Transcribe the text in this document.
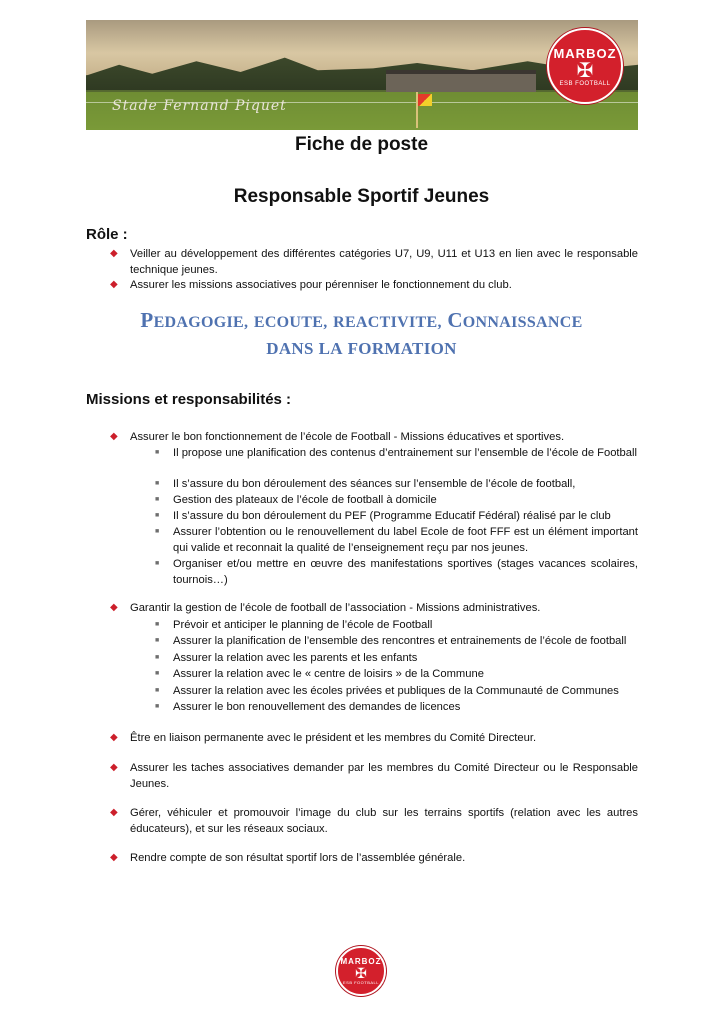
Stade Fernand Piquet
MARBOZ
✠
ESB FOOTBALL
Fiche de poste
Responsable Sportif Jeunes
Rôle :
◆ Veiller au développement des différentes catégories U7, U9, U11 et U13 en lien avec le responsable technique jeunes.
◆ Assurer les missions associatives pour pérenniser le fonctionnement du club.
PEDAGOGIE, ECOUTE, REACTIVITE, CONNAISSANCE
DANS LA FORMATION
Missions et responsabilités :
◆ Assurer le bon fonctionnement de l’école de Football - Missions éducatives et sportives.
■ Il propose une planification des contenus d’entrainement sur l’ensemble de l’école de Football
■ Il s’assure du bon déroulement des séances sur l’ensemble de l’école de football,
■ Gestion des plateaux de l’école de football à domicile
■ Il s’assure du bon déroulement du PEF (Programme Educatif Fédéral) réalisé par le club
■ Assurer l’obtention ou le renouvellement du label Ecole de foot FFF est un élément important qui valide et reconnait la qualité de l’enseignement reçu par nos jeunes.
■ Organiser et/ou mettre en œuvre des manifestations sportives (stages vacances scolaires, tournois…)
◆ Garantir la gestion de l’école de football de l’association - Missions administratives.
■ Prévoir et anticiper le planning de l’école de Football
■ Assurer la planification de l’ensemble des rencontres et entrainements de l’école de football
■ Assurer la relation avec les parents et les enfants
■ Assurer la relation avec le « centre de loisirs » de la Commune
■ Assurer la relation avec les écoles privées et publiques de la Communauté de Communes
■ Assurer le bon renouvellement des demandes de licences
◆ Être en liaison permanente avec le président et les membres du Comité Directeur.
◆ Assurer les taches associatives demander par les membres du Comité Directeur ou le Responsable Jeunes.
◆ Gérer, véhiculer et promouvoir l’image du club sur les terrains sportifs (relation avec les autres éducateurs), et sur les réseaux sociaux.
◆ Rendre compte de son résultat sportif lors de l’assemblée générale.
MARBOZ
✠
ESB FOOTBALL
